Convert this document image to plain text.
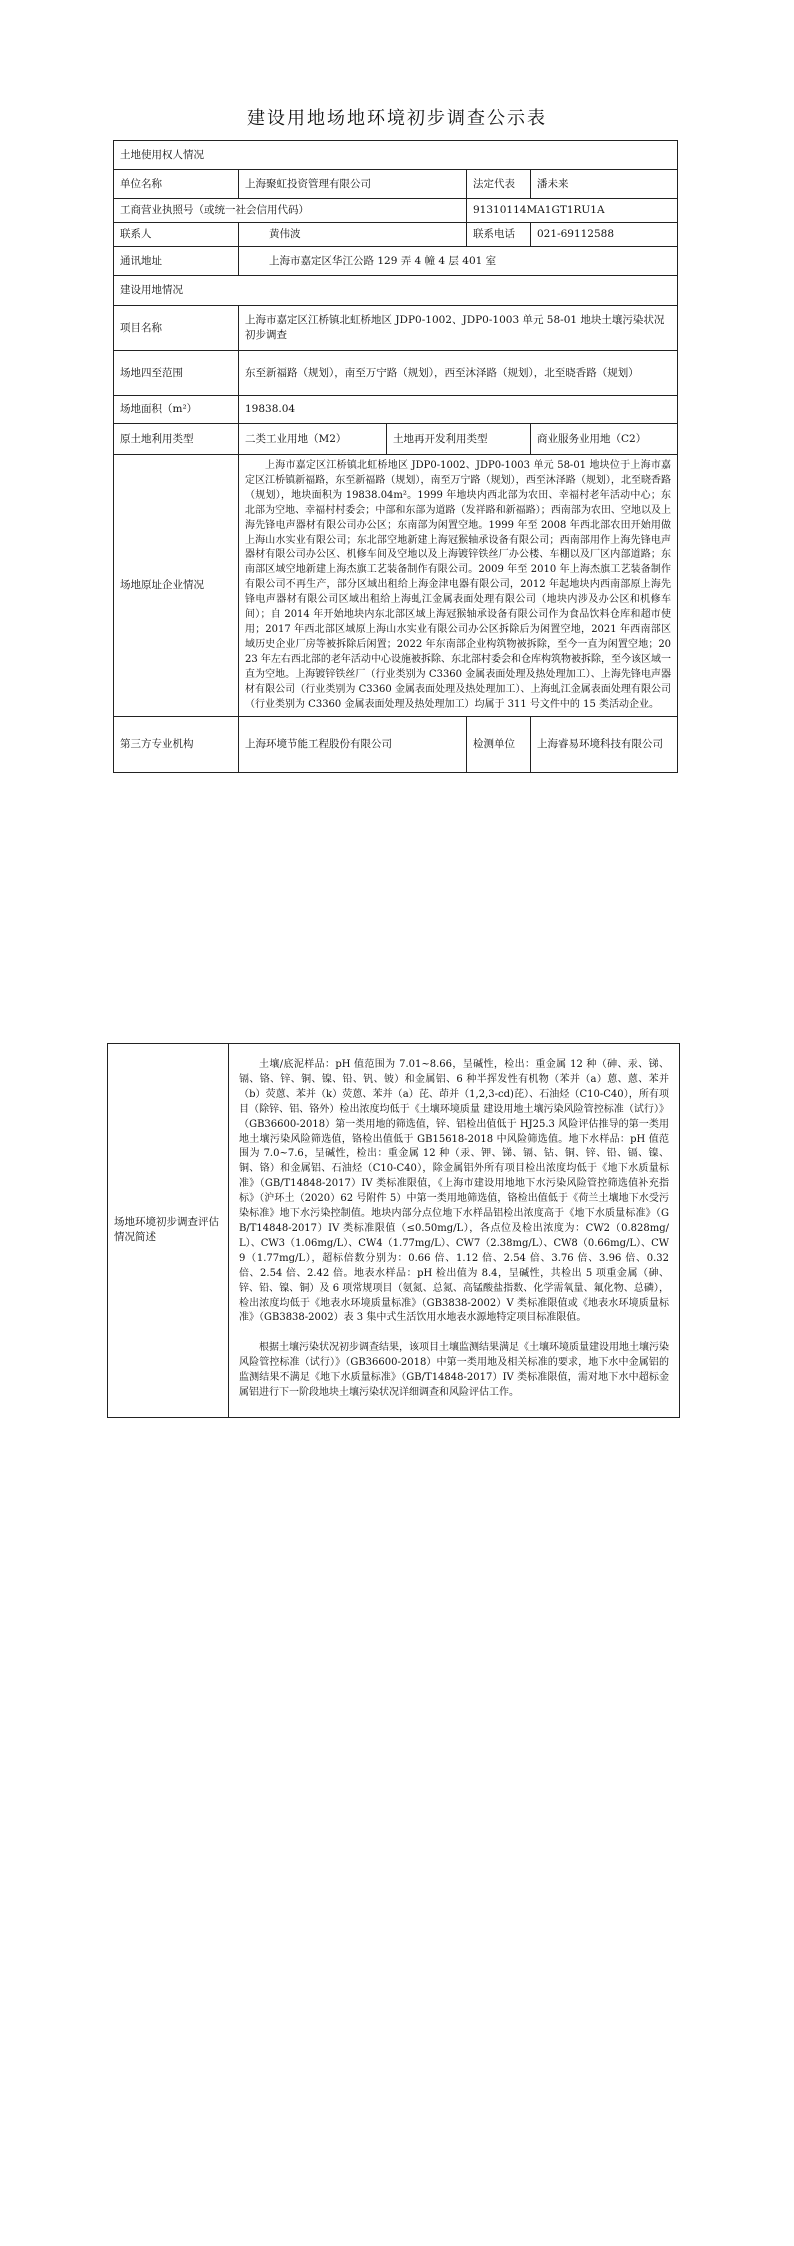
建设用地场地环境初步调查公示表
土地使用权人情况				
单位名称	上海聚虹投资管理有限公司		法定代表	潘未来
工商营业执照号（或统一社会信用代码）			91310114MA1GT1RU1A	
联系人	黄伟波		联系电话	021-69112588
通讯地址	上海市嘉定区华江公路 129 弄 4 幢 4 层 401 室			
建设用地情况				
项目名称	上海市嘉定区江桥镇北虹桥地区 JDP0-1002、JDP0-1003 单元 58-01 地块土壤污染状况初步调查			
场地四至范围	东至新福路（规划），南至万宁路（规划），西至沐泽路（规划），北至晓香路（规划）			
场地面积（m²）	19838.04			
原土地利用类型	二类工业用地（M2）	土地再开发利用类型		商业服务业用地（C2）
场地原址企业情况	上海市嘉定区江桥镇北虹桥地区 JDP0-1002、JDP0-1003 单元 58-01 地块位于上海市嘉定区江桥镇新福路，东至新福路（规划），南至万宁路（规划），西至沐泽路（规划），北至晓香路（规划），地块面积为 19838.04m²。1999 年地块内西北部为农田、幸福村老年活动中心；东北部为空地、幸福村村委会；中部和东部为道路（发祥路和新福路）；西南部为农田、空地以及上海先锋电声器材有限公司办公区；东南部为闲置空地。1999 年至 2008 年西北部农田开始用做上海山水实业有限公司；东北部空地新建上海冠猴轴承设备有限公司；西南部用作上海先锋电声器材有限公司办公区、机修车间及空地以及上海镀锌铁丝厂办公楼、车棚以及厂区内部道路；东南部区域空地新建上海杰旗工艺装备制作有限公司。2009 年至 2010 年上海杰旗工艺装备制作有限公司不再生产，部分区域出租给上海金津电器有限公司，2012 年起地块内西南部原上海先锋电声器材有限公司区域出租给上海虬江金属表面处理有限公司（地块内涉及办公区和机修车间）；自 2014 年开始地块内东北部区域上海冠猴轴承设备有限公司作为食品饮料仓库和超市使用；2017 年西北部区域原上海山水实业有限公司办公区拆除后为闲置空地，2021 年西南部区域历史企业厂房等被拆除后闲置；2022 年东南部企业构筑物被拆除，至今一直为闲置空地；2023 年左右西北部的老年活动中心设施被拆除、东北部村委会和仓库构筑物被拆除，至今该区域一直为空地。上海镀锌铁丝厂（行业类别为 C3360 金属表面处理及热处理加工）、上海先锋电声器材有限公司（行业类别为 C3360 金属表面处理及热处理加工）、上海虬江金属表面处理有限公司（行业类别为 C3360 金属表面处理及热处理加工）均属于 311 号文件中的 15 类活动企业。			

第三方专业机构	上海环境节能工程股份有限公司		检测单位	上海睿易环境科技有限公司
场地环境初步调查评估情况简述	

土壤/底泥样品：pH 值范围为 7.01~8.66，呈碱性，检出：重金属 12 种（砷、汞、锑、镉、铬、锌、铜、镍、铅、钒、铍）和金属铝、6 种半挥发性有机物（苯并（a）蒽、蒽、苯并（b）荧蒽、苯并（k）荧蒽、苯并（a）芘、茚并（1,2,3-cd)芘）、石油烃（C10-C40），所有项目（除锌、铝、铬外）检出浓度均低于《土壤环境质量 建设用地土壤污染风险管控标准（试行）》（GB36600-2018）第一类用地的筛选值，锌、铝检出值低于 HJ25.3 风险评估推导的第一类用地土壤污染风险筛选值，铬检出值低于 GB15618-2018 中风险筛选值。地下水样品：pH 值范围为 7.0~7.6，呈碱性，检出：重金属 12 种（汞、钾、锑、镉、钴、铜、锌、铅、镉、镍、铜、铬）和金属铝、石油烃（C10-C40），除金属铝外所有项目检出浓度均低于《地下水质量标准》（GB/T14848-2017）IV 类标准限值，《上海市建设用地地下水污染风险管控筛选值补充指标》（沪环土（2020）62 号附件 5）中第一类用地筛选值，铬检出值低于《荷兰土壤地下水受污染标准》地下水污染控制值。地块内部分点位地下水样品铝检出浓度高于《地下水质量标准》（GB/T14848-2017）IV 类标准限值（≤0.50mg/L），各点位及检出浓度为：CW2（0.828mg/L）、CW3（1.06mg/L）、CW4（1.77mg/L）、CW7（2.38mg/L）、CW8（0.66mg/L）、CW9（1.77mg/L），超标倍数分别为：0.66 倍、1.12 倍、2.54 倍、3.76 倍、3.96 倍、0.32 倍、2.54 倍、2.42 倍。地表水样品：pH 检出值为 8.4，呈碱性，共检出 5 项重金属（砷、锌、铅、镍、铜）及 6 项常规项目（氨氮、总氮、高锰酸盐指数、化学需氧量、氟化物、总磷），检出浓度均低于《地表水环境质量标准》（GB3838-2002）V 类标准限值或《地表水环境质量标准》（GB3838-2002）表 3 集中式生活饮用水地表水源地特定项目标准限值。

根据土壤污染状况初步调查结果，该项目土壤监测结果满足《土壤环境质量建设用地土壤污染风险管控标准（试行）》（GB36600-2018）中第一类用地及相关标准的要求，地下水中金属铝的监测结果不满足《地下水质量标准》（GB/T14848-2017）IV 类标准限值，需对地下水中超标金属铝进行下一阶段地块土壤污染状况详细调查和风险评估工作。
